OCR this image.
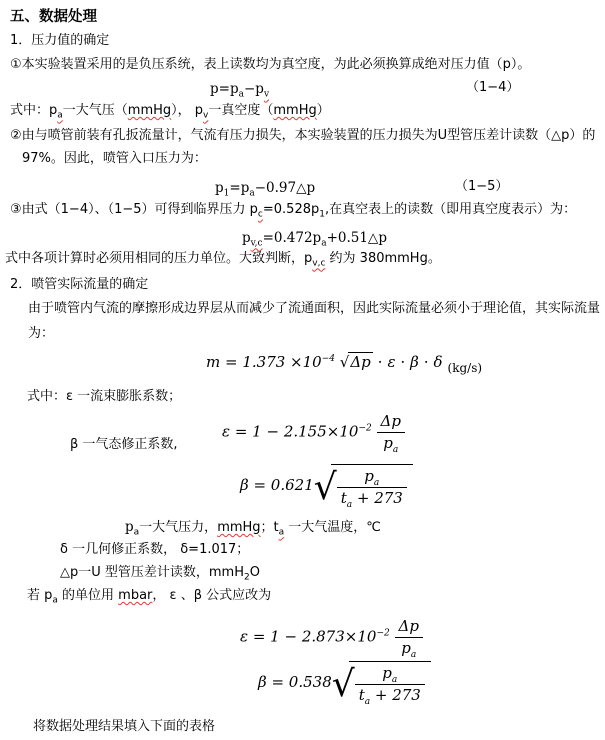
五、数据处理
1．压力值的确定
①本实验装置采用的是负压系统，表上读数均为真空度，为此必须换算成绝对压力值（p）。
$p=p_a-p_v$	（1−4）
式中：$p_a$一大气压（mmHg）， $p_v$一真空度（mmHg）
②由与喷管前装有孔扳流量计，气流有压力损失，本实验装置的压力损失为U型管压差计读数（△p）的
97%。因此，喷管入口压力为：
$p_1=p_a-0.97\triangle p$	（1−5）
③由式（1−4）、（1−5）可得到临界压力 $p_c=0.528p_1$,在真空表上的读数（即用真空度表示）为：
$p_{v,c}=0.472p_a+0.51\triangle p$
式中各项计算时必须用相同的压力单位。大致判断，$p_{v,c}$ 约为 380mmHg。
2．喷管实际流量的确定
由于喷管内气流的摩擦形成边界层从而减少了流通面积，因此实际流量必须小于理论值，其实际流量
为：
$m = 1.373 \times 10^{-4}$ √ Δp ⋅ ε ⋅ β ⋅ δ $_{(kg/s)}$
式中：ε 一流束膨胀系数；
β 一气态修正系数,
$\varepsilon = 1 - 2.155\times 10^{-2} \frac{\Delta p}{p_a}$
β = 0.621 √ $\frac{p_a}{t_a + 273}$
$p_a$一大气压力，mmHg；$t_a$ 一大气温度，℃
δ 一几何修正系数， δ=1.017；
△p一U 型管压差计读数，mmH$_2$O
若 $p_a$ 的单位用 mbar， ε 、β 公式应改为
$\varepsilon = 1 - 2.873\times 10^{-2} \frac{\Delta p}{p_a}$
β = 0.538 √ $\frac{p_a}{t_a + 273}$
将数据处理结果填入下面的表格
